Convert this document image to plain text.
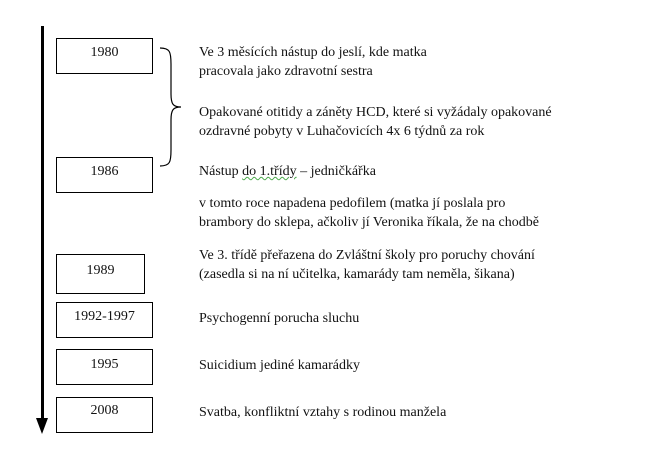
1980
1986
1989
1992-1997
1995
2008
Ve 3 měsících nástup do jeslí, kde matka
pracovala jako zdravotní sestra
Opakované otitidy a záněty HCD, které si vyžádaly opakované
ozdravné pobyty v Luhačovicích 4x 6 týdnů za rok
Nástup do 1.třídy – jedničkářka
v tomto roce napadena pedofilem (matka jí poslala pro
brambory do sklepa, ačkoliv jí Veronika říkala, že na chodbě
Ve 3. třídě přeřazena do Zvláštní školy pro poruchy chování
(zasedla si na ní učitelka, kamarády tam neměla, šikana)
Psychogenní porucha sluchu
Suicidium jediné kamarádky
Svatba, konfliktní vztahy s rodinou manžela
